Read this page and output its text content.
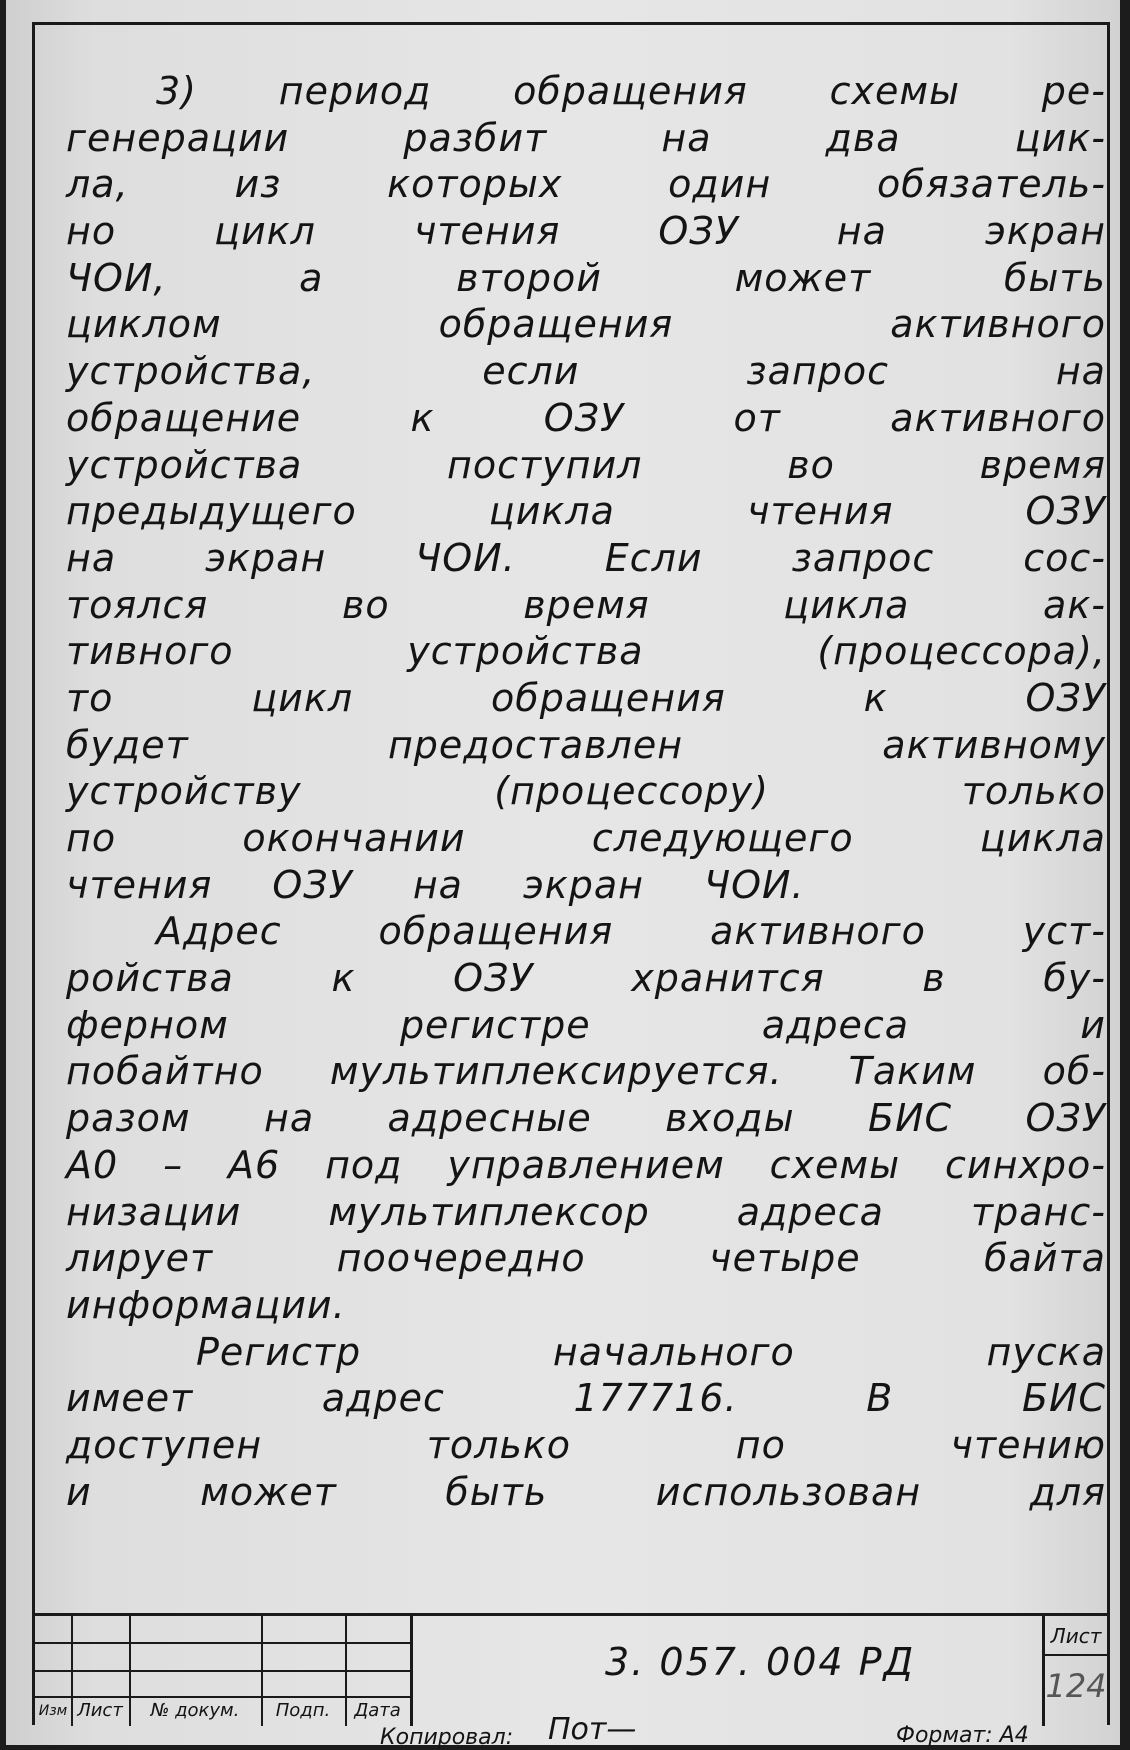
3) период обращения схемы ре-
генерации	разбит	на	два	цик-
ла,	из	которых	один	обязатель-
но	цикл	чтения	ОЗУ	на	экран
ЧОИ,	а	второй	может	быть
циклом	обращения	активного
устройства,	если	запрос	на
обращение	к	ОЗУ	от	активного
устройства	поступил	во	время
предыдущего	цикла	чтения	ОЗУ
на экран ЧОИ. Если запрос сос-
тоялся	во	время	цикла	ак-
тивного	устройства	(процессора),
то	цикл	обращения	к	ОЗУ
будет	предоставлен	активному
устройству	(процессору)	только
по	окончании	следующего	цикла
чтения ОЗУ на экран ЧОИ.
Адрес	обращения	активного	уст-
ройства	к	ОЗУ	хранится	в	бу-
ферном	регистре	адреса	и
побайтно мультиплексируется. Таким об-
разом на адресные входы БИС ОЗУ
А0 – А6 под управлением схемы синхро-
низации мультиплексор адреса транс-
лирует	поочередно	четыре	байта
информации.
Регистр	начального	пуска
имеет	адрес	177716.	В	БИС
доступен	только	по	чтению
и	может	быть	использован	для
Изм Лист	№ докум.	Подп.	Дата
3. 057. 004 РД
Лист
124
Копировал: Пот—	Формат: А4
